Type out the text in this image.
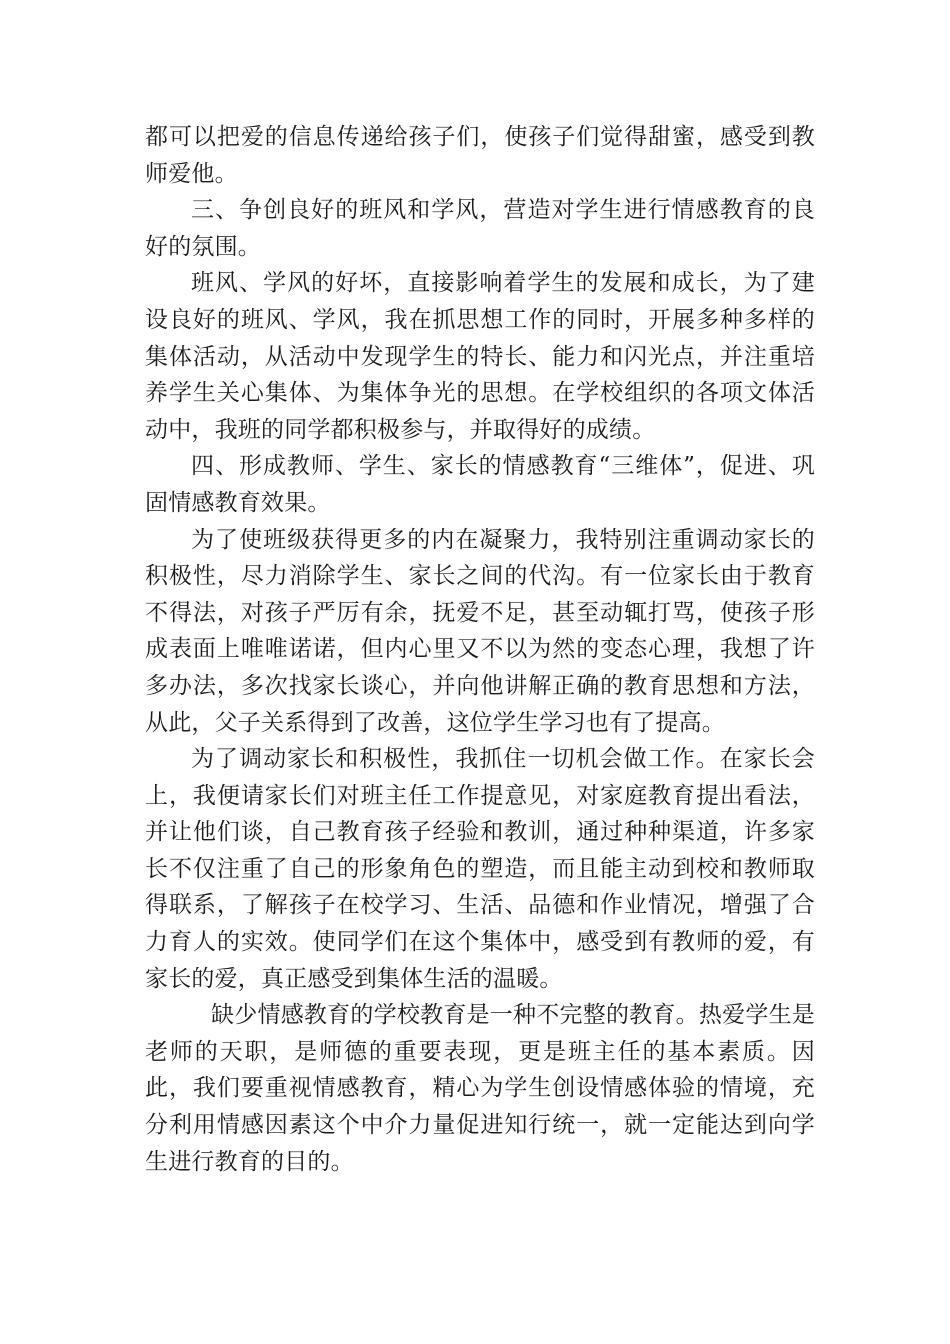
都可以把爱的信息传递给孩子们，使孩子们觉得甜蜜，感受到教师爱他。

三、争创良好的班风和学风，营造对学生进行情感教育的良好的氛围。

班风、学风的好坏，直接影响着学生的发展和成长，为了建设良好的班风、学风，我在抓思想工作的同时，开展多种多样的集体活动，从活动中发现学生的特长、能力和闪光点，并注重培养学生关心集体、为集体争光的思想。在学校组织的各项文体活动中，我班的同学都积极参与，并取得好的成绩。

四、形成教师、学生、家长的情感教育“三维体”，促进、巩固情感教育效果。

为了使班级获得更多的内在凝聚力，我特别注重调动家长的积极性，尽力消除学生、家长之间的代沟。有一位家长由于教育不得法，对孩子严厉有余，抚爱不足，甚至动辄打骂，使孩子形成表面上唯唯诺诺，但内心里又不以为然的变态心理，我想了许多办法，多次找家长谈心，并向他讲解正确的教育思想和方法，从此，父子关系得到了改善，这位学生学习也有了提高。

为了调动家长和积极性，我抓住一切机会做工作。在家长会上，我便请家长们对班主任工作提意见，对家庭教育提出看法，并让他们谈，自己教育孩子经验和教训，通过种种渠道，许多家长不仅注重了自己的形象角色的塑造，而且能主动到校和教师取得联系，了解孩子在校学习、生活、品德和作业情况，增强了合力育人的实效。使同学们在这个集体中，感受到有教师的爱，有家长的爱，真正感受到集体生活的温暖。

缺少情感教育的学校教育是一种不完整的教育。热爱学生是老师的天职，是师德的重要表现，更是班主任的基本素质。因此，我们要重视情感教育，精心为学生创设情感体验的情境，充分利用情感因素这个中介力量促进知行统一，就一定能达到向学生进行教育的目的。
